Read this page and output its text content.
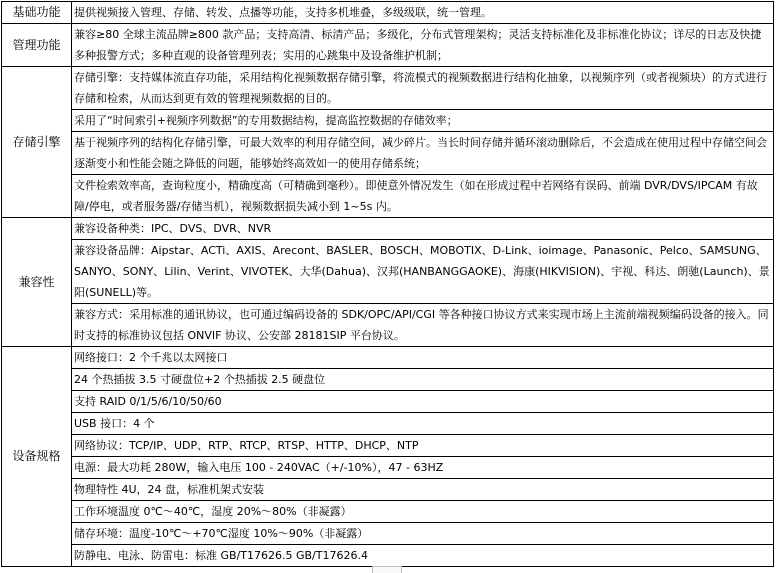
基础功能	提供视频接入管理、存储、转发、点播等功能，支持多机堆叠，多级级联，统一管理。
管理功能	兼容≥80 全球主流品牌≥800 款产品；支持高清、标清产品；多级化，分布式管理架构；灵活支持标准化及非标准化协议；详尽的日志及快捷多种报警方式；多种直观的设备管理列表；实用的心跳集中及设备维护机制；
存储引擎	存储引擎：支持媒体流直存功能，采用结构化视频数据存储引擎，将流模式的视频数据进行结构化抽象，以视频序列（或者视频块）的方式进行存储和检索，从而达到更有效的管理视频数据的目的。
	采用了“时间索引+视频序列数据”的专用数据结构，提高监控数据的存储效率；
	基于视频序列的结构化存储引擎，可最大效率的利用存储空间，减少碎片。当长时间存储并循环滚动删除后，不会造成在使用过程中存储空间会逐渐变小和性能会随之降低的问题，能够始终高效如一的使用存储系统；
	文件检索效率高，查询粒度小，精确度高（可精确到毫秒）。即使意外情况发生（如在形成过程中若网络有误码、前端 DVR/DVS/IPCAM 有故障/停电，或者服务器/存储当机），视频数据损失减小到 1~5s 内。
兼容性	兼容设备种类：IPC、DVS、DVR、NVR
	兼容设备品牌：Aipstar、ACTi、AXIS、Arecont、BASLER、BOSCH、MOBOTIX、D-Link、ioimage、Panasonic、Pelco、SAMSUNG、SANYO、SONY、Lilin、Verint、VIVOTEK、大华(Dahua)、汉邦(HANBANGGAOKE)、海康(HIKVISION)、宇视、科达、朗驰(Launch)、景阳(SUNELL)等。
	兼容方式：采用标准的通讯协议，也可通过编码设备的 SDK/OPC/API/CGI 等各种接口协议方式来实现市场上主流前端视频编码设备的接入。同时支持的标准协议包括 ONVIF 协议、公安部 28181SIP 平台协议。
设备规格	网络接口：2 个千兆以太网接口
	24 个热插拔 3.5 寸硬盘位+2 个热插拔 2.5 硬盘位
	支持 RAID 0/1/5/6/10/50/60
	USB 接口：4 个
	网络协议：TCP/IP、UDP、RTP、RTCP、RTSP、HTTP、DHCP、NTP
	电源：最大功耗 280W，输入电压 100 - 240VAC（+/-10%），47 - 63HZ
	物理特性 4U，24 盘，标准机架式安装
	工作环境温度 0℃～40℃，湿度 20%～80%（非凝露）
	储存环境：温度-10℃～+70℃湿度 10%～90%（非凝露）
	防静电、电泳、防雷电：标准 GB/T17626.5 GB/T17626.4
